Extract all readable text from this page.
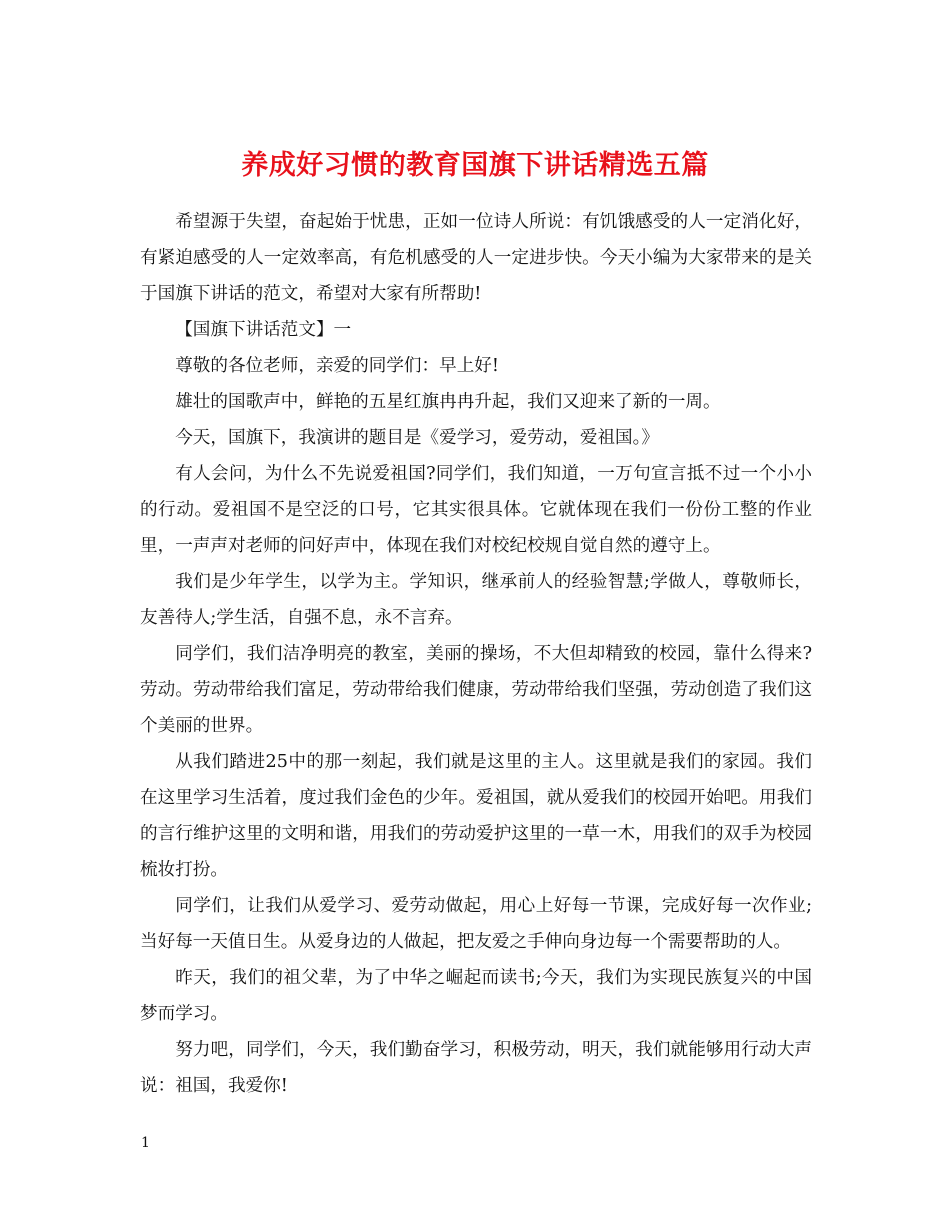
养成好习惯的教育国旗下讲话精选五篇

希望源于失望，奋起始于忧患，正如一位诗人所说：有饥饿感受的人一定消化好，有紧迫感受的人一定效率高，有危机感受的人一定进步快。今天小编为大家带来的是关于国旗下讲话的范文，希望对大家有所帮助!

【国旗下讲话范文】一

尊敬的各位老师，亲爱的同学们：早上好!

雄壮的国歌声中，鲜艳的五星红旗冉冉升起，我们又迎来了新的一周。

今天，国旗下，我演讲的题目是《爱学习，爱劳动，爱祖国。》

有人会问，为什么不先说爱祖国?同学们，我们知道，一万句宣言抵不过一个小小的行动。爱祖国不是空泛的口号，它其实很具体。它就体现在我们一份份工整的作业里，一声声对老师的问好声中，体现在我们对校纪校规自觉自然的遵守上。

我们是少年学生，以学为主。学知识，继承前人的经验智慧;学做人，尊敬师长，友善待人;学生活，自强不息，永不言弃。

同学们，我们洁净明亮的教室，美丽的操场，不大但却精致的校园，靠什么得来?劳动。劳动带给我们富足，劳动带给我们健康，劳动带给我们坚强，劳动创造了我们这个美丽的世界。

从我们踏进25中的那一刻起，我们就是这里的主人。这里就是我们的家园。我们在这里学习生活着，度过我们金色的少年。爱祖国，就从爱我们的校园开始吧。用我们的言行维护这里的文明和谐，用我们的劳动爱护这里的一草一木，用我们的双手为校园梳妆打扮。

同学们，让我们从爱学习、爱劳动做起，用心上好每一节课，完成好每一次作业;当好每一天值日生。从爱身边的人做起，把友爱之手伸向身边每一个需要帮助的人。

昨天，我们的祖父辈，为了中华之崛起而读书;今天，我们为实现民族复兴的中国梦而学习。

努力吧，同学们，今天，我们勤奋学习，积极劳动，明天，我们就能够用行动大声说：祖国，我爱你!

1
